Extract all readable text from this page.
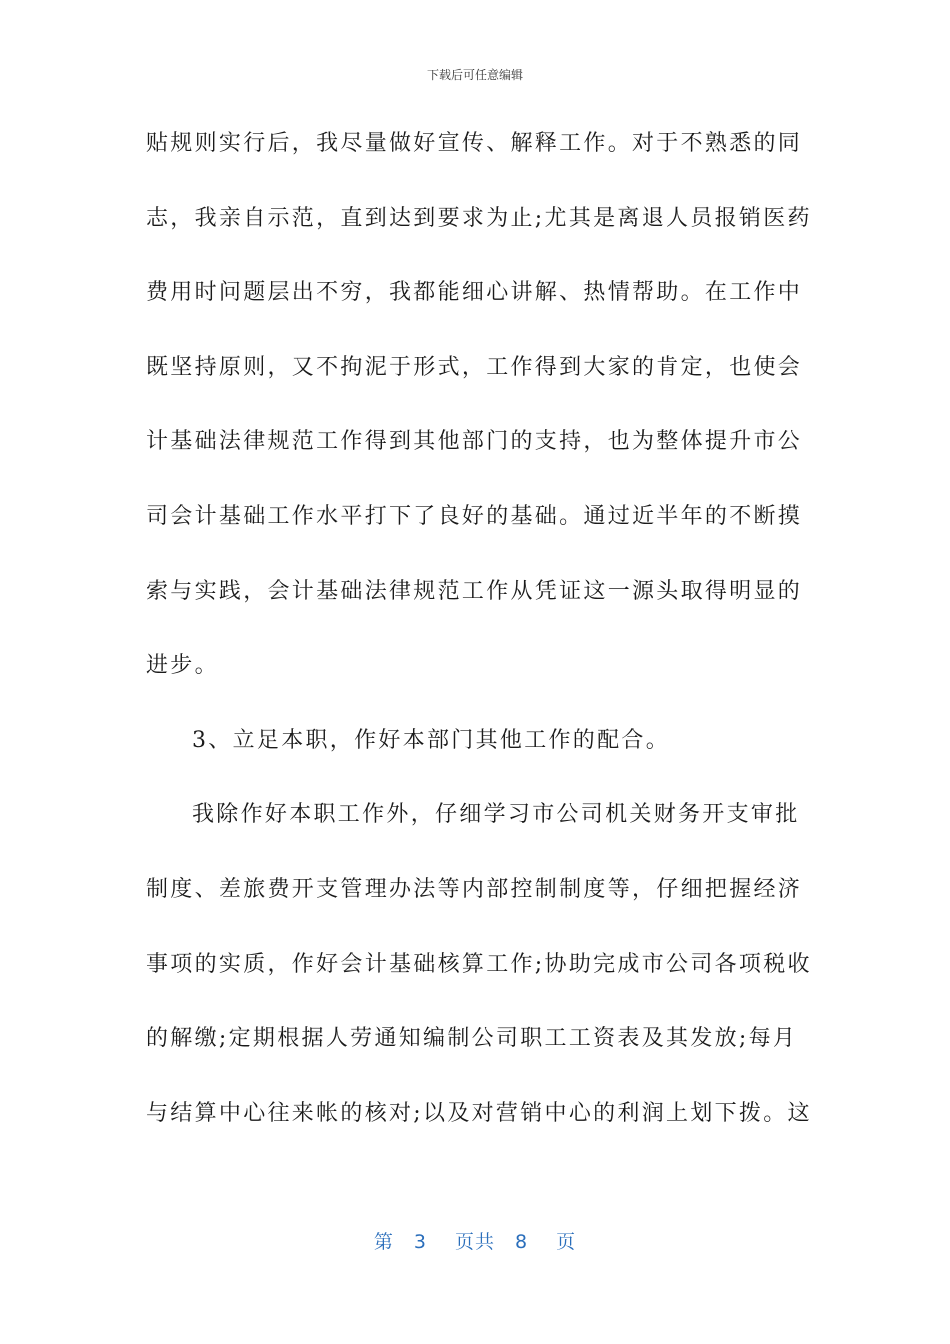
下载后可任意编辑
贴规则实行后，我尽量做好宣传、解释工作。对于不熟悉的同
志，我亲自示范，直到达到要求为止;尤其是离退人员报销医药
费用时问题层出不穷，我都能细心讲解、热情帮助。在工作中
既坚持原则，又不拘泥于形式，工作得到大家的肯定，也使会
计基础法律规范工作得到其他部门的支持，也为整体提升市公
司会计基础工作水平打下了良好的基础。通过近半年的不断摸
索与实践，会计基础法律规范工作从凭证这一源头取得明显的
进步。
3、立足本职，作好本部门其他工作的配合。
我除作好本职工作外，仔细学习市公司机关财务开支审批
制度、差旅费开支管理办法等内部控制制度等，仔细把握经济
事项的实质，作好会计基础核算工作;协助完成市公司各项税收
的解缴;定期根据人劳通知编制公司职工工资表及其发放;每月
与结算中心往来帐的核对;以及对营销中心的利润上划下拨。这
第 3 页共 8 页
